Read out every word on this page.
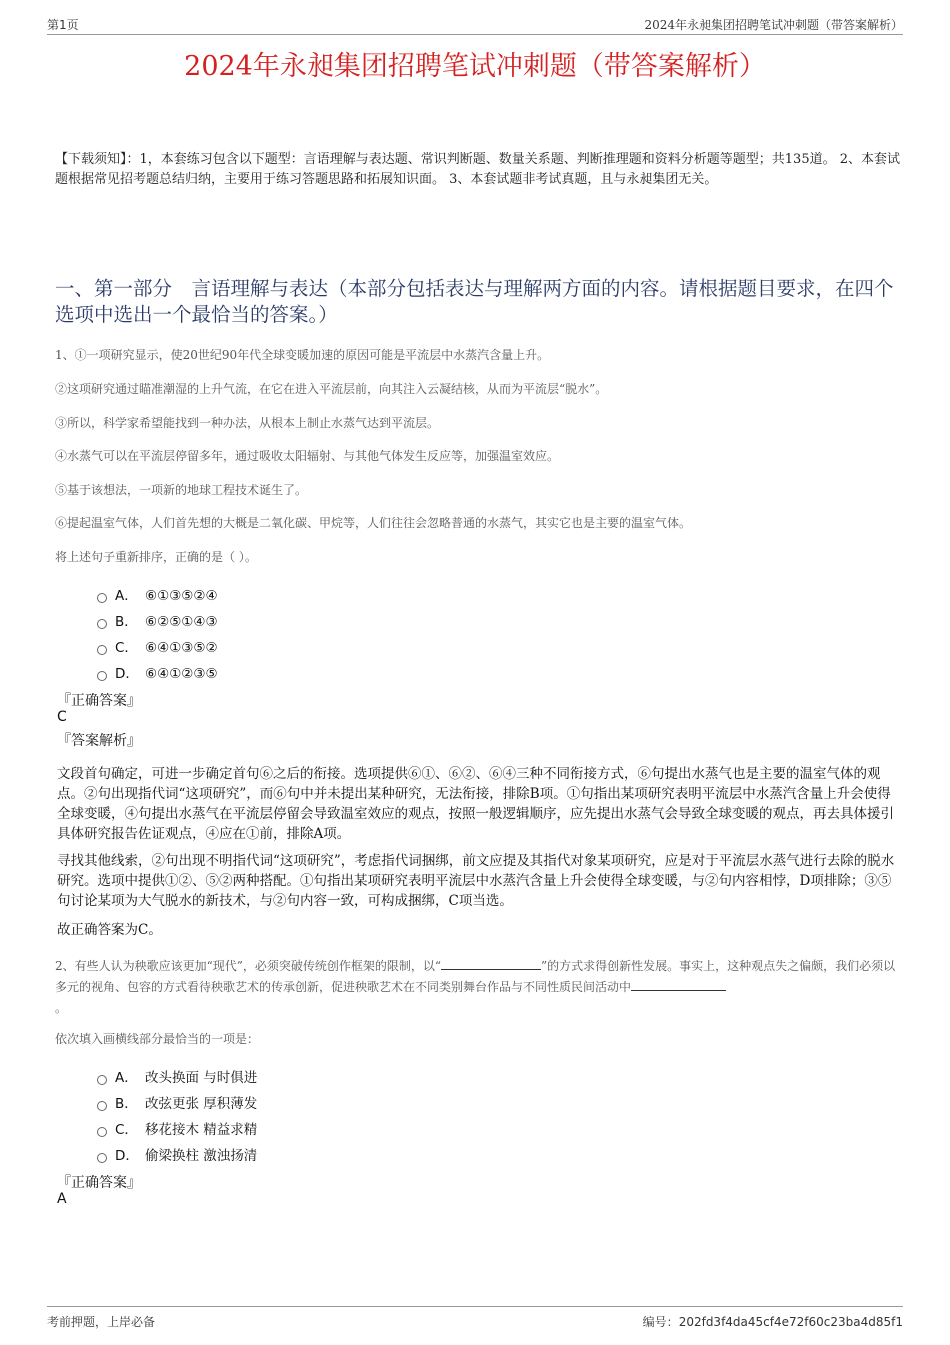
第1页	2024年永昶集团招聘笔试冲刺题（带答案解析）
2024年永昶集团招聘笔试冲刺题（带答案解析）
【下载须知】：1，本套练习包含以下题型：言语理解与表达题、常识判断题、数量关系题、判断推理题和资料分析题等题型；共135道。 2、本套试题根据常见招考题总结归纳，主要用于练习答题思路和拓展知识面。 3、本套试题非考试真题，且与永昶集团无关。
一、第一部分　言语理解与表达（本部分包括表达与理解两方面的内容。请根据题目要求，在四个选项中选出一个最恰当的答案。）
1、①一项研究显示，使20世纪90年代全球变暖加速的原因可能是平流层中水蒸汽含量上升。
②这项研究通过瞄准潮湿的上升气流，在它在进入平流层前，向其注入云凝结核，从而为平流层“脱水”。
③所以，科学家希望能找到一种办法，从根本上制止水蒸气达到平流层。
④水蒸气可以在平流层停留多年，通过吸收太阳辐射、与其他气体发生反应等，加强温室效应。
⑤基于该想法，一项新的地球工程技术诞生了。
⑥提起温室气体，人们首先想的大概是二氧化碳、甲烷等，人们往往会忽略普通的水蒸气，其实它也是主要的温室气体。
将上述句子重新排序，正确的是（ ）。
A． ⑥①③⑤②④
B． ⑥②⑤①④③
C． ⑥④①③⑤②
D． ⑥④①②③⑤
『正确答案』
C
『答案解析』
文段首句确定，可进一步确定首句⑥之后的衔接。选项提供⑥①、⑥②、⑥④三种不同衔接方式，⑥句提出水蒸气也是主要的温室气体的观点。②句出现指代词“这项研究”，而⑥句中并未提出某种研究，无法衔接，排除B项。①句指出某项研究表明平流层中水蒸汽含量上升会使得全球变暖，④句提出水蒸气在平流层停留会导致温室效应的观点，按照一般逻辑顺序，应先提出水蒸气会导致全球变暖的观点，再去具体援引具体研究报告佐证观点，④应在①前，排除A项。
寻找其他线索，②句出现不明指代词“这项研究”，考虑指代词捆绑，前文应提及其指代对象某项研究，应是对于平流层水蒸气进行去除的脱水研究。选项中提供①②、⑤②两种搭配。①句指出某项研究表明平流层中水蒸汽含量上升会使得全球变暖，与②句内容相悖，D项排除；③⑤句讨论某项为大气脱水的新技术，与②句内容一致，可构成捆绑，C项当选。
故正确答案为C。
2、有些人认为秧歌应该更加“现代”，必须突破传统创作框架的限制，以“	”的方式求得创新性发展。事实上，这种观点失之偏颇，我们必须以多元的视角、包容的方式看待秧歌艺术的传承创新，促进秧歌艺术在不同类别舞台作品与不同性质民间活动中
。
依次填入画横线部分最恰当的一项是：
A． 改头换面 与时俱进
B． 改弦更张 厚积薄发
C． 移花接木 精益求精
D． 偷梁换柱 激浊扬清
『正确答案』
A
考前押题，上岸必备	编号：202fd3f4da45cf4e72f60c23ba4d85f1
